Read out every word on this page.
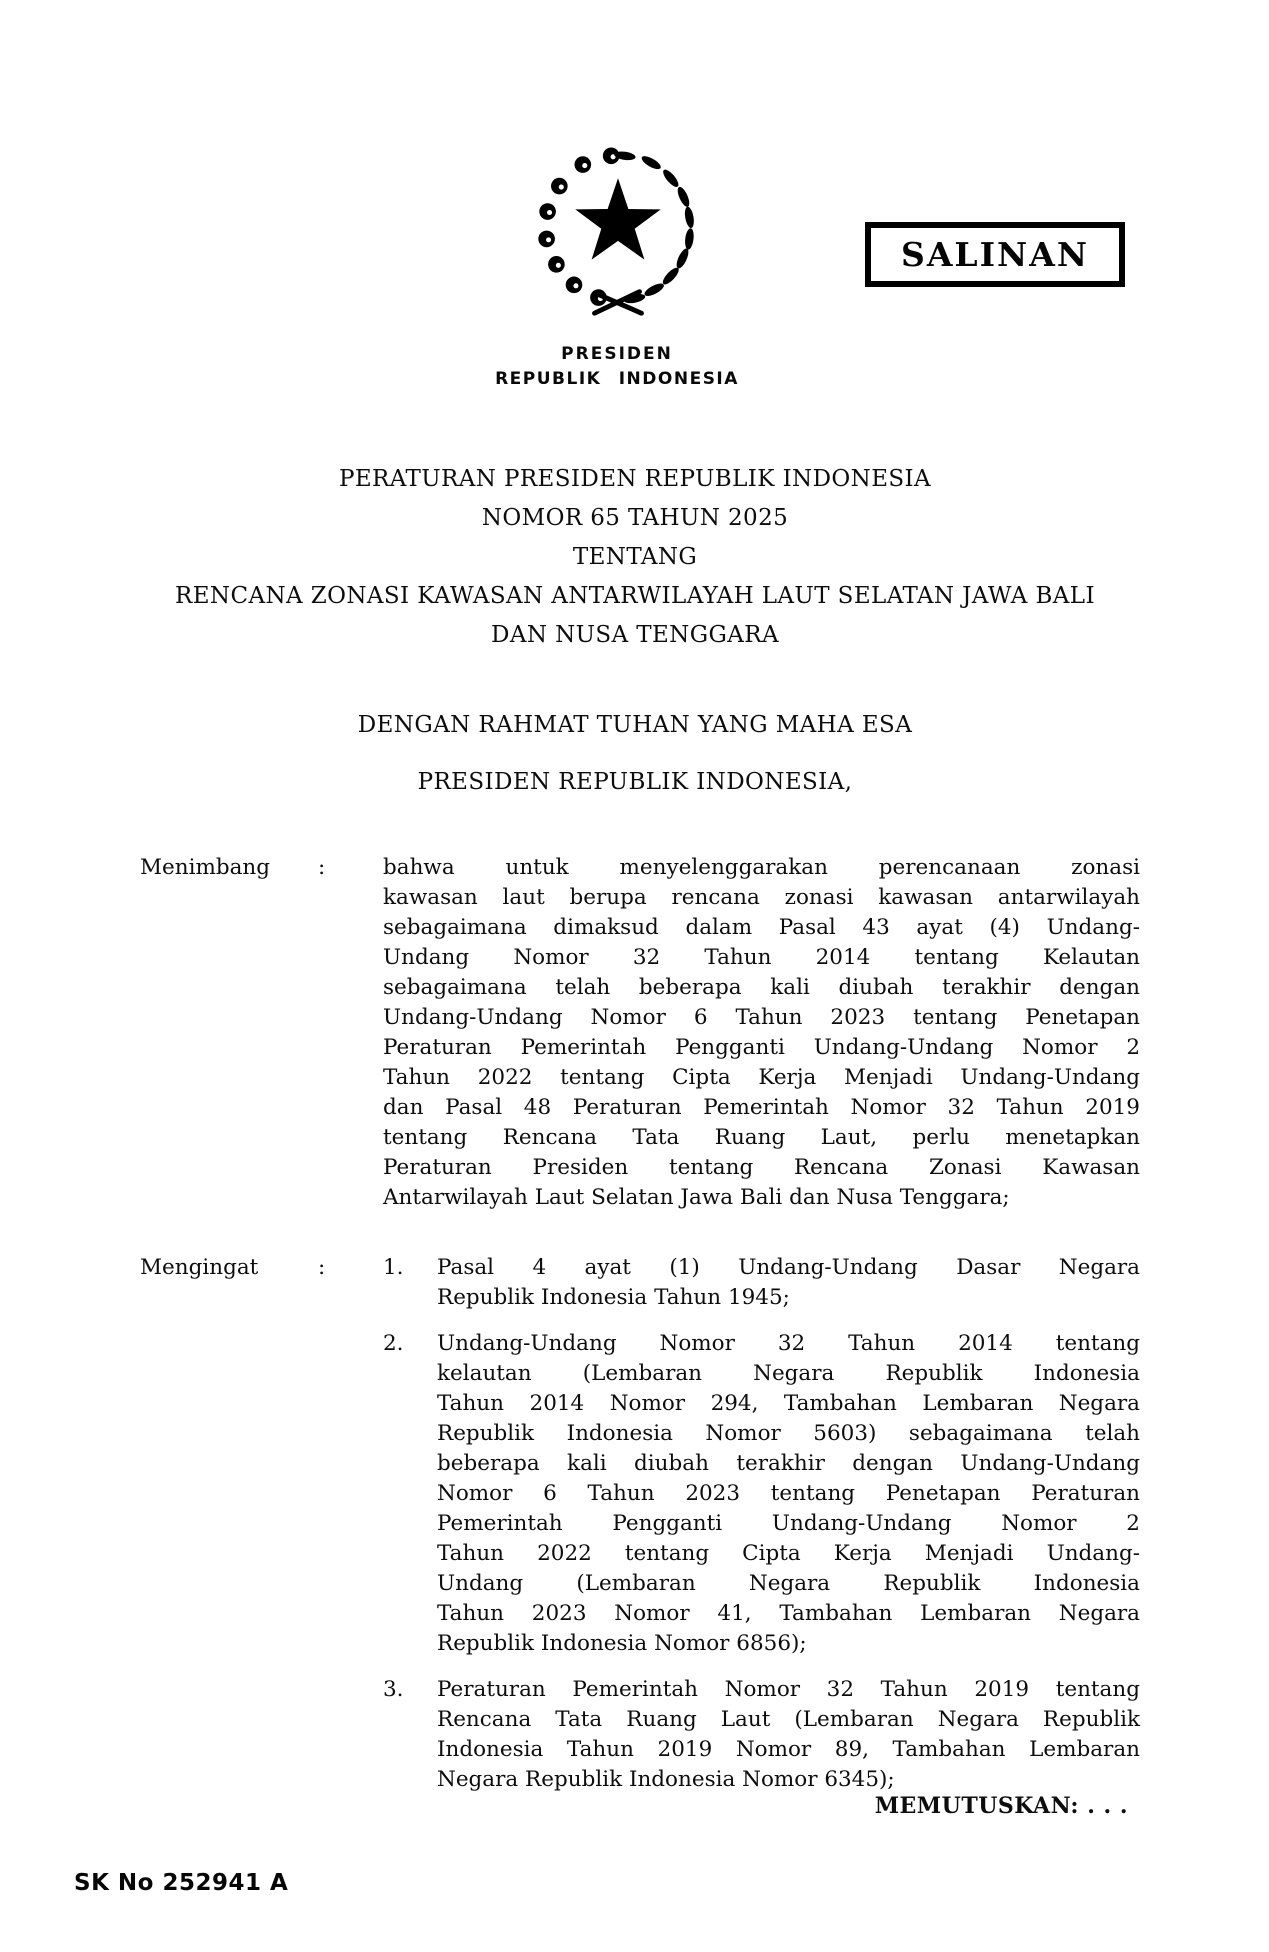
SALINAN
PRESIDEN
REPUBLIK INDONESIA
PERATURAN PRESIDEN REPUBLIK INDONESIA
NOMOR 65 TAHUN 2025
TENTANG
RENCANA ZONASI KAWASAN ANTARWILAYAH LAUT SELATAN JAWA BALI
DAN NUSA TENGGARA
DENGAN RAHMAT TUHAN YANG MAHA ESA
PRESIDEN REPUBLIK INDONESIA,
Menimbang	:	bahwa untuk menyelenggarakan perencanaan zonasi
kawasan laut berupa rencana zonasi kawasan antarwilayah
sebagaimana dimaksud dalam Pasal 43 ayat (4) Undang-
Undang Nomor 32 Tahun 2014 tentang Kelautan
sebagaimana telah beberapa kali diubah terakhir dengan
Undang-Undang Nomor 6 Tahun 2023 tentang Penetapan
Peraturan Pemerintah Pengganti Undang-Undang Nomor 2
Tahun 2022 tentang Cipta Kerja Menjadi Undang-Undang
dan Pasal 48 Peraturan Pemerintah Nomor 32 Tahun 2019
tentang Rencana Tata Ruang Laut, perlu menetapkan
Peraturan Presiden tentang Rencana Zonasi Kawasan
Antarwilayah Laut Selatan Jawa Bali dan Nusa Tenggara;
Mengingat	:	1.	Pasal 4 ayat (1) Undang-Undang Dasar Negara
Republik Indonesia Tahun 1945;
2.	Undang-Undang Nomor 32 Tahun 2014 tentang
kelautan (Lembaran Negara Republik Indonesia
Tahun 2014 Nomor 294, Tambahan Lembaran Negara
Republik Indonesia Nomor 5603) sebagaimana telah
beberapa kali diubah terakhir dengan Undang-Undang
Nomor 6 Tahun 2023 tentang Penetapan Peraturan
Pemerintah Pengganti Undang-Undang Nomor 2
Tahun 2022 tentang Cipta Kerja Menjadi Undang-
Undang (Lembaran Negara Republik Indonesia
Tahun 2023 Nomor 41, Tambahan Lembaran Negara
Republik Indonesia Nomor 6856);
3.	Peraturan Pemerintah Nomor 32 Tahun 2019 tentang
Rencana Tata Ruang Laut (Lembaran Negara Republik
Indonesia Tahun 2019 Nomor 89, Tambahan Lembaran
Negara Republik Indonesia Nomor 6345);
MEMUTUSKAN: . . .
SK No 252941 A
